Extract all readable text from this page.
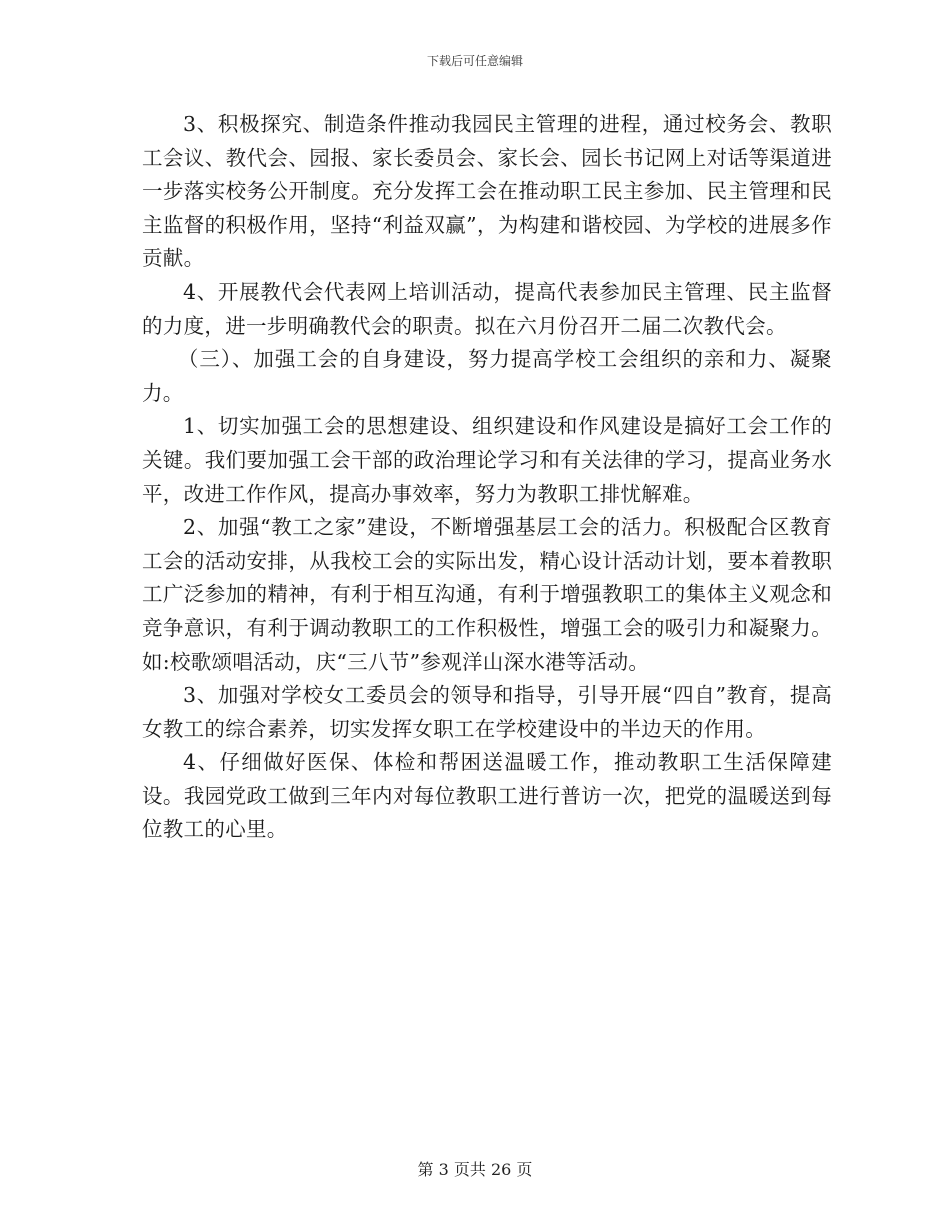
下载后可任意编辑

3、积极探究、制造条件推动我园民主管理的进程，通过校务会、教职工会议、教代会、园报、家长委员会、家长会、园长书记网上对话等渠道进一步落实校务公开制度。充分发挥工会在推动职工民主参加、民主管理和民主监督的积极作用，坚持“利益双赢”，为构建和谐校园、为学校的进展多作贡献。

4、开展教代会代表网上培训活动，提高代表参加民主管理、民主监督的力度，进一步明确教代会的职责。拟在六月份召开二届二次教代会。

（三）、加强工会的自身建设，努力提高学校工会组织的亲和力、凝聚力。

1、切实加强工会的思想建设、组织建设和作风建设是搞好工会工作的关键。我们要加强工会干部的政治理论学习和有关法律的学习，提高业务水平，改进工作作风，提高办事效率，努力为教职工排忧解难。

2、加强“教工之家”建设，不断增强基层工会的活力。积极配合区教育工会的活动安排，从我校工会的实际出发，精心设计活动计划，要本着教职工广泛参加的精神，有利于相互沟通，有利于增强教职工的集体主义观念和竞争意识，有利于调动教职工的工作积极性，增强工会的吸引力和凝聚力。如:校歌颂唱活动，庆“三八节”参观洋山深水港等活动。

3、加强对学校女工委员会的领导和指导，引导开展“四自”教育，提高女教工的综合素养，切实发挥女职工在学校建设中的半边天的作用。

4、仔细做好医保、体检和帮困送温暖工作，推动教职工生活保障建设。我园党政工做到三年内对每位教职工进行普访一次，把党的温暖送到每位教工的心里。

第 3 页共 26 页
